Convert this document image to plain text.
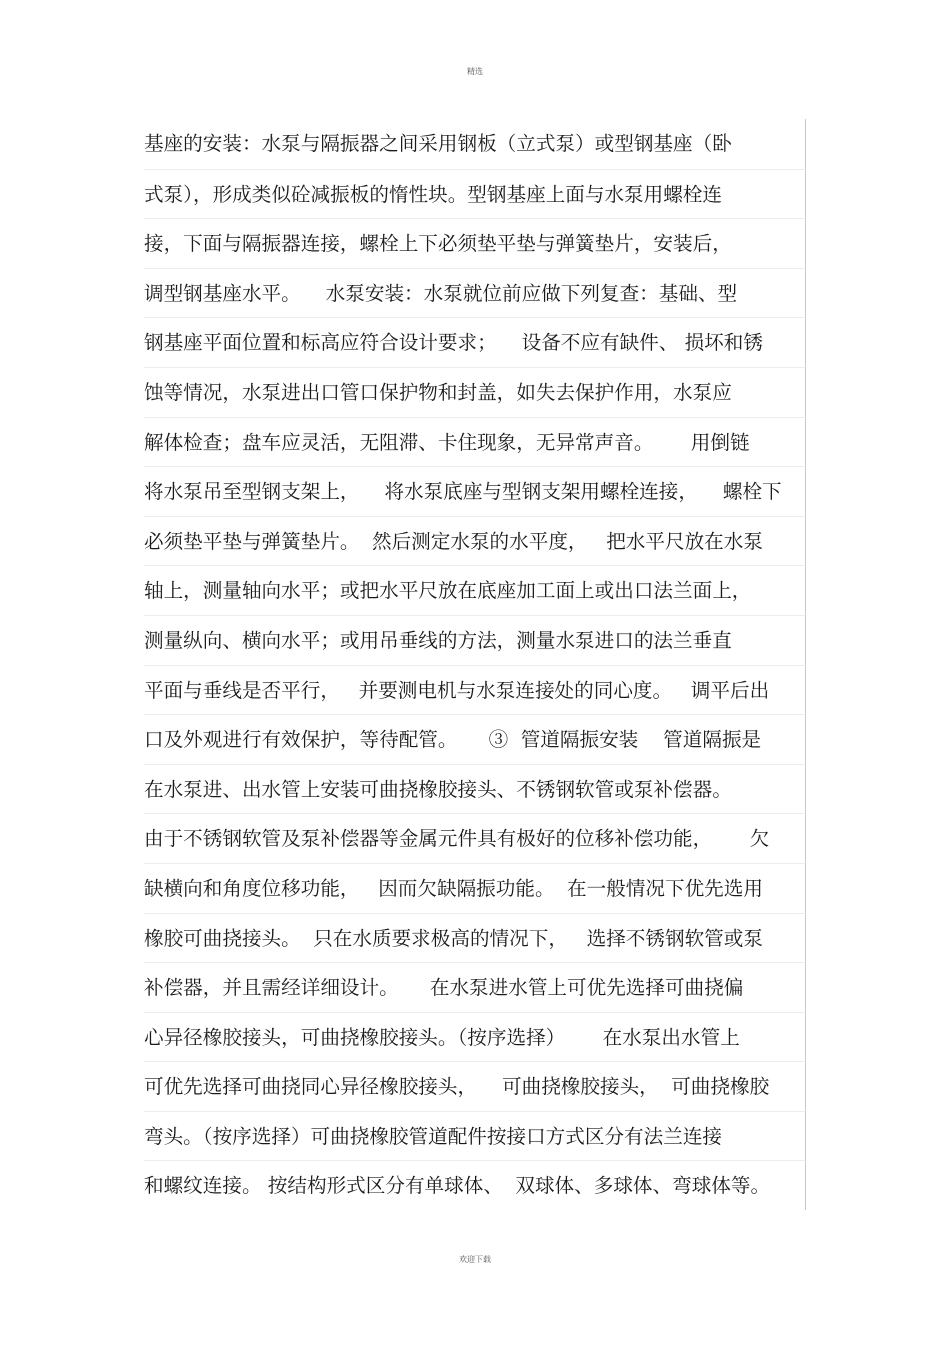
精选
基座的安装：水泵与隔振器之间采用钢板（立式泵）或型钢基座（卧
式泵），形成类似砼减振板的惰性块。型钢基座上面与水泵用螺栓连
接，下面与隔振器连接，螺栓上下必须垫平垫与弹簧垫片，安装后，
调型钢基座水平。    水泵安装：水泵就位前应做下列复查：基础、型
钢基座平面位置和标高应符合设计要求；    设备不应有缺件、 损坏和锈
蚀等情况，水泵进出口管口保护物和封盖，如失去保护作用，水泵应
解体检查；盘车应灵活，无阻滞、卡住现象，无异常声音。      用倒链
将水泵吊至型钢支架上，    将水泵底座与型钢支架用螺栓连接，    螺栓下
必须垫平垫与弹簧垫片。  然后测定水泵的水平度，   把水平尺放在水泵
轴上，测量轴向水平；或把水平尺放在底座加工面上或出口法兰面上，
测量纵向、横向水平；或用吊垂线的方法，测量水泵进口的法兰垂直
平面与垂线是否平行，   并要测电机与水泵连接处的同心度。   调平后出
口及外观进行有效保护，等待配管。     ③  管道隔振安装    管道隔振是
在水泵进、出水管上安装可曲挠橡胶接头、不锈钢软管或泵补偿器。
由于不锈钢软管及泵补偿器等金属元件具有极好的位移补偿功能，      欠
缺横向和角度位移功能，   因而欠缺隔振功能。  在一般情况下优先选用
橡胶可曲挠接头。  只在水质要求极高的情况下，   选择不锈钢软管或泵
补偿器，并且需经详细设计。     在水泵进水管上可优先选择可曲挠偏
心异径橡胶接头，可曲挠橡胶接头。（按序选择）      在水泵出水管上
可优先选择可曲挠同心异径橡胶接头，    可曲挠橡胶接头，  可曲挠橡胶
弯头。（按序选择）可曲挠橡胶管道配件按接口方式区分有法兰连接
和螺纹连接。 按结构形式区分有单球体、  双球体、多球体、弯球体等。
欢迎下载
